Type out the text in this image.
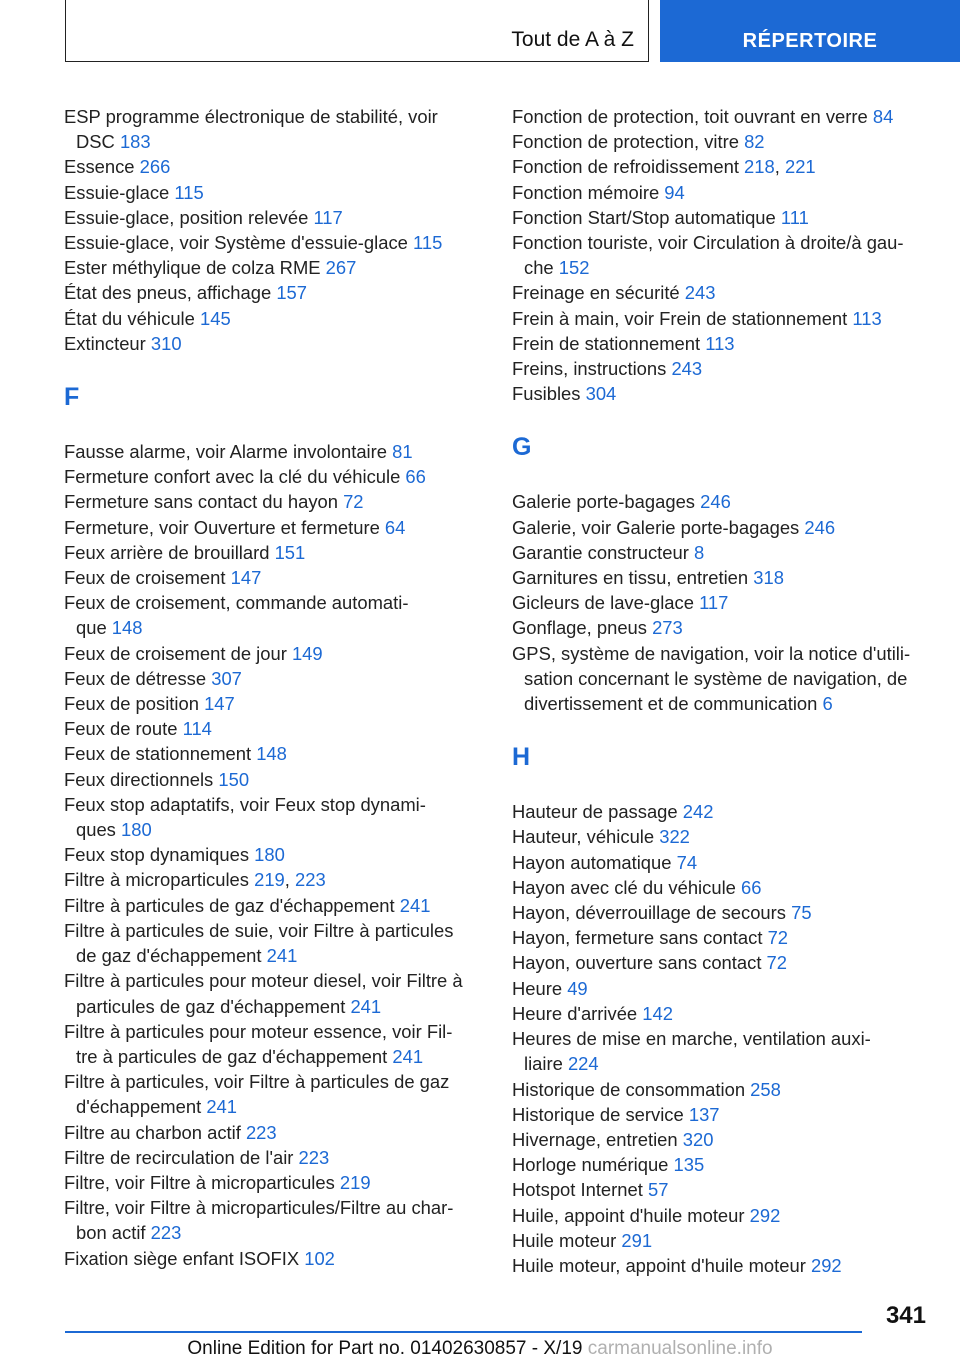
Tout de A à Z	RÉPERTOIRE
ESP programme électronique de stabilité, voir
DSC 183
Essence 266
Essuie-glace 115
Essuie-glace, position relevée 117
Essuie-glace, voir Système d'essuie-glace 115
Ester méthylique de colza RME 267
État des pneus, affichage 157
État du véhicule 145
Extincteur 310
F
Fausse alarme, voir Alarme involontaire 81
Fermeture confort avec la clé du véhicule 66
Fermeture sans contact du hayon 72
Fermeture, voir Ouverture et fermeture 64
Feux arrière de brouillard 151
Feux de croisement 147
Feux de croisement, commande automati‐
que 148
Feux de croisement de jour 149
Feux de détresse 307
Feux de position 147
Feux de route 114
Feux de stationnement 148
Feux directionnels 150
Feux stop adaptatifs, voir Feux stop dynami‐
ques 180
Feux stop dynamiques 180
Filtre à microparticules 219, 223
Filtre à particules de gaz d'échappement 241
Filtre à particules de suie, voir Filtre à particules
de gaz d'échappement 241
Filtre à particules pour moteur diesel, voir Filtre à
particules de gaz d'échappement 241
Filtre à particules pour moteur essence, voir Fil‐
tre à particules de gaz d'échappement 241
Filtre à particules, voir Filtre à particules de gaz
d'échappement 241
Filtre au charbon actif 223
Filtre de recirculation de l'air 223
Filtre, voir Filtre à microparticules 219
Filtre, voir Filtre à microparticules/Filtre au char‐
bon actif 223
Fixation siège enfant ISOFIX 102
Fonction de protection, toit ouvrant en verre 84
Fonction de protection, vitre 82
Fonction de refroidissement 218, 221
Fonction mémoire 94
Fonction Start/Stop automatique 111
Fonction touriste, voir Circulation à droite/à gau‐
che 152
Freinage en sécurité 243
Frein à main, voir Frein de stationnement 113
Frein de stationnement 113
Freins, instructions 243
Fusibles 304
G
Galerie porte-bagages 246
Galerie, voir Galerie porte-bagages 246
Garantie constructeur 8
Garnitures en tissu, entretien 318
Gicleurs de lave-glace 117
Gonflage, pneus 273
GPS, système de navigation, voir la notice d'utili‐
sation concernant le système de navigation, de
divertissement et de communication 6
H
Hauteur de passage 242
Hauteur, véhicule 322
Hayon automatique 74
Hayon avec clé du véhicule 66
Hayon, déverrouillage de secours 75
Hayon, fermeture sans contact 72
Hayon, ouverture sans contact 72
Heure 49
Heure d'arrivée 142
Heures de mise en marche, ventilation auxi‐
liaire 224
Historique de consommation 258
Historique de service 137
Hivernage, entretien 320
Horloge numérique 135
Hotspot Internet 57
Huile, appoint d'huile moteur 292
Huile moteur 291
Huile moteur, appoint d'huile moteur 292
341
Online Edition for Part no. 01402630857 - X/19 carmanualsonline.info
